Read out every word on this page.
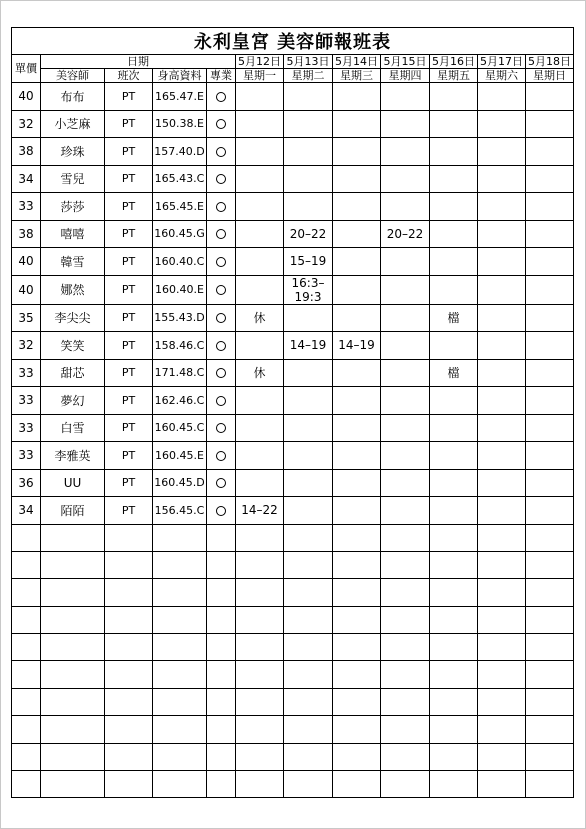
永利皇宮 美容師報班表											
單價	日期				5月12日	5月13日	5月14日	5月15日	5月16日	5月17日	5月18日
	美容師	班次	身高資料	專業	星期一	星期二	星期三	星期四	星期五	星期六	星期日
40	布布	PT	165.47.E								
32	小芝麻	PT	150.38.E								
38	珍珠	PT	157.40.D								
34	雪兒	PT	165.43.C								
33	莎莎	PT	165.45.E								
38	嘻嘻	PT	160.45.G			20–22		20–22			
40	韓雪	PT	160.40.C			15–19					
40	娜然	PT	160.40.E			16:3–
19:3					
35	李尖尖	PT	155.43.D		休				檔		
32	笑笑	PT	158.46.C			14–19	14–19				
33	甜芯	PT	171.48.C		休				檔		
33	夢幻	PT	162.46.C								
33	白雪	PT	160.45.C								
33	李雅英	PT	160.45.E								
36	UU	PT	160.45.D								
34	陌陌	PT	156.45.C		14–22						
